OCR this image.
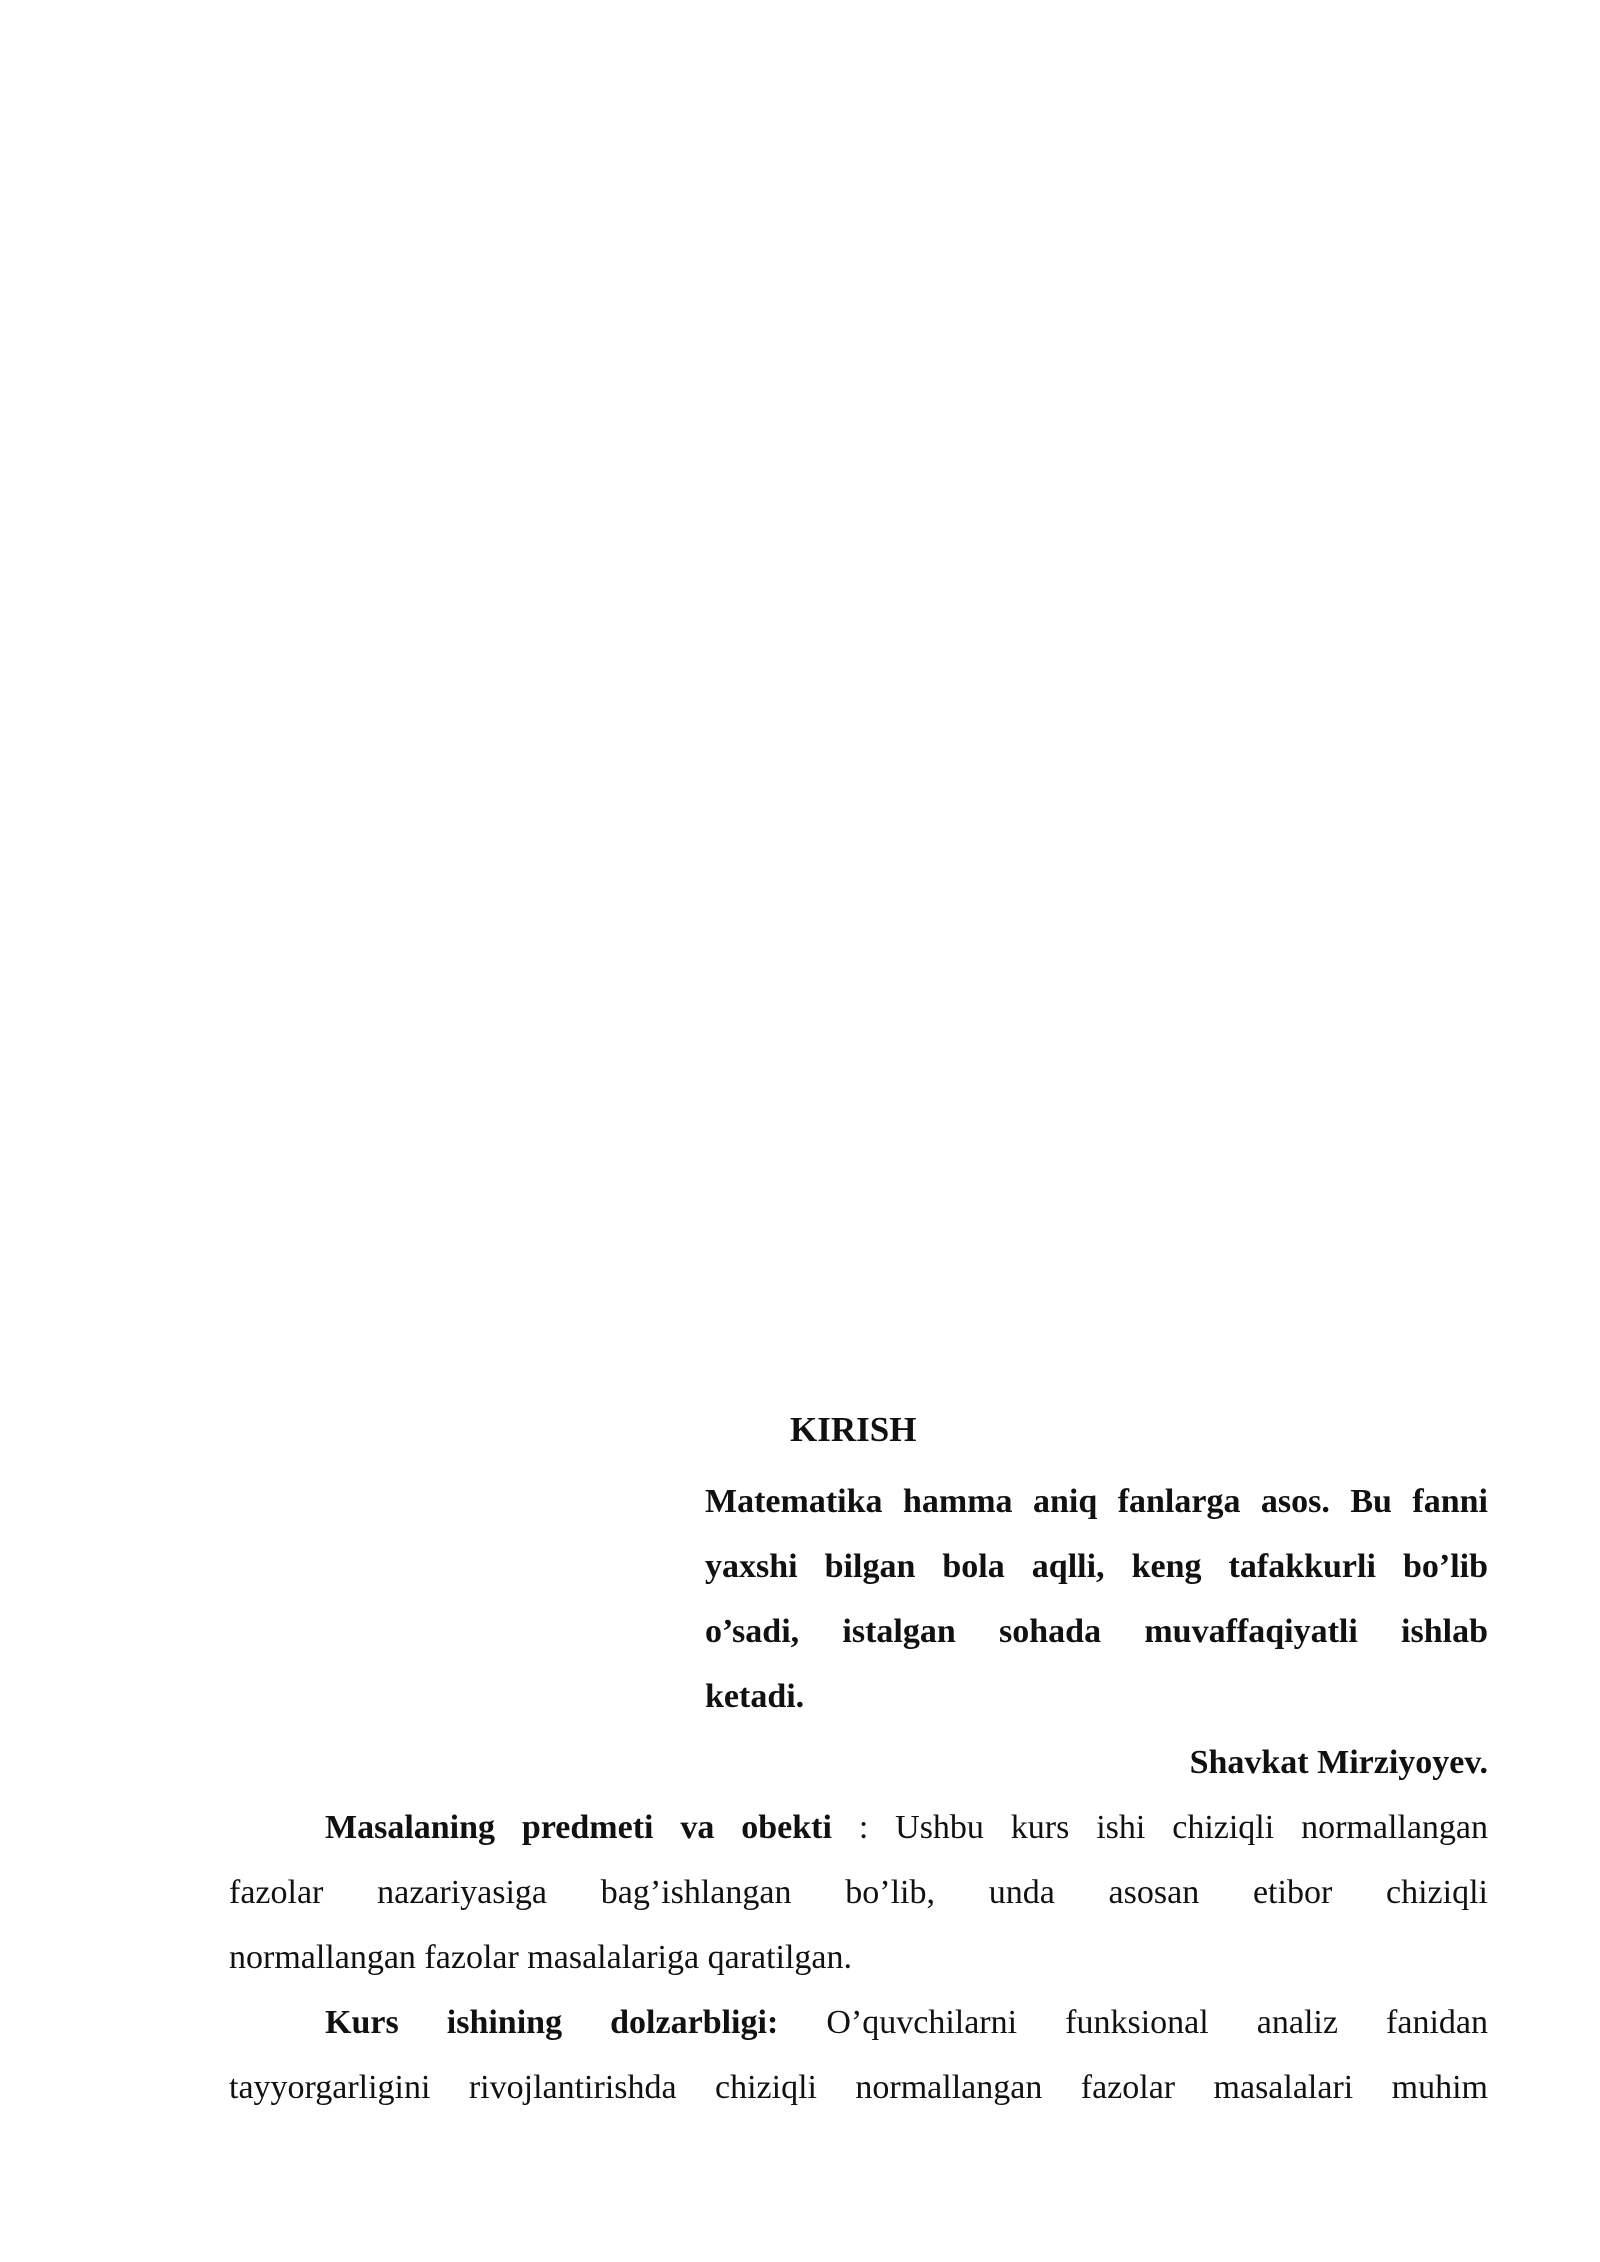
KIRISH
Matematika hamma aniq fanlarga asos. Bu fanni
yaxshi bilgan bola aqlli, keng tafakkurli bo’lib
o’sadi, istalgan sohada muvaffaqiyatli ishlab
ketadi.

Shavkat Mirziyoyev.

Masalaning predmeti va obekti : Ushbu kurs ishi chiziqli normallangan
fazolar nazariyasiga bag’ishlangan bo’lib, unda asosan etibor chiziqli
normallangan fazolar masalalariga qaratilgan.
Kurs ishining dolzarbligi: O’quvchilarni funksional analiz fanidan
tayyorgarligini rivojlantirishda chiziqli normallangan fazolar masalalari muhim
